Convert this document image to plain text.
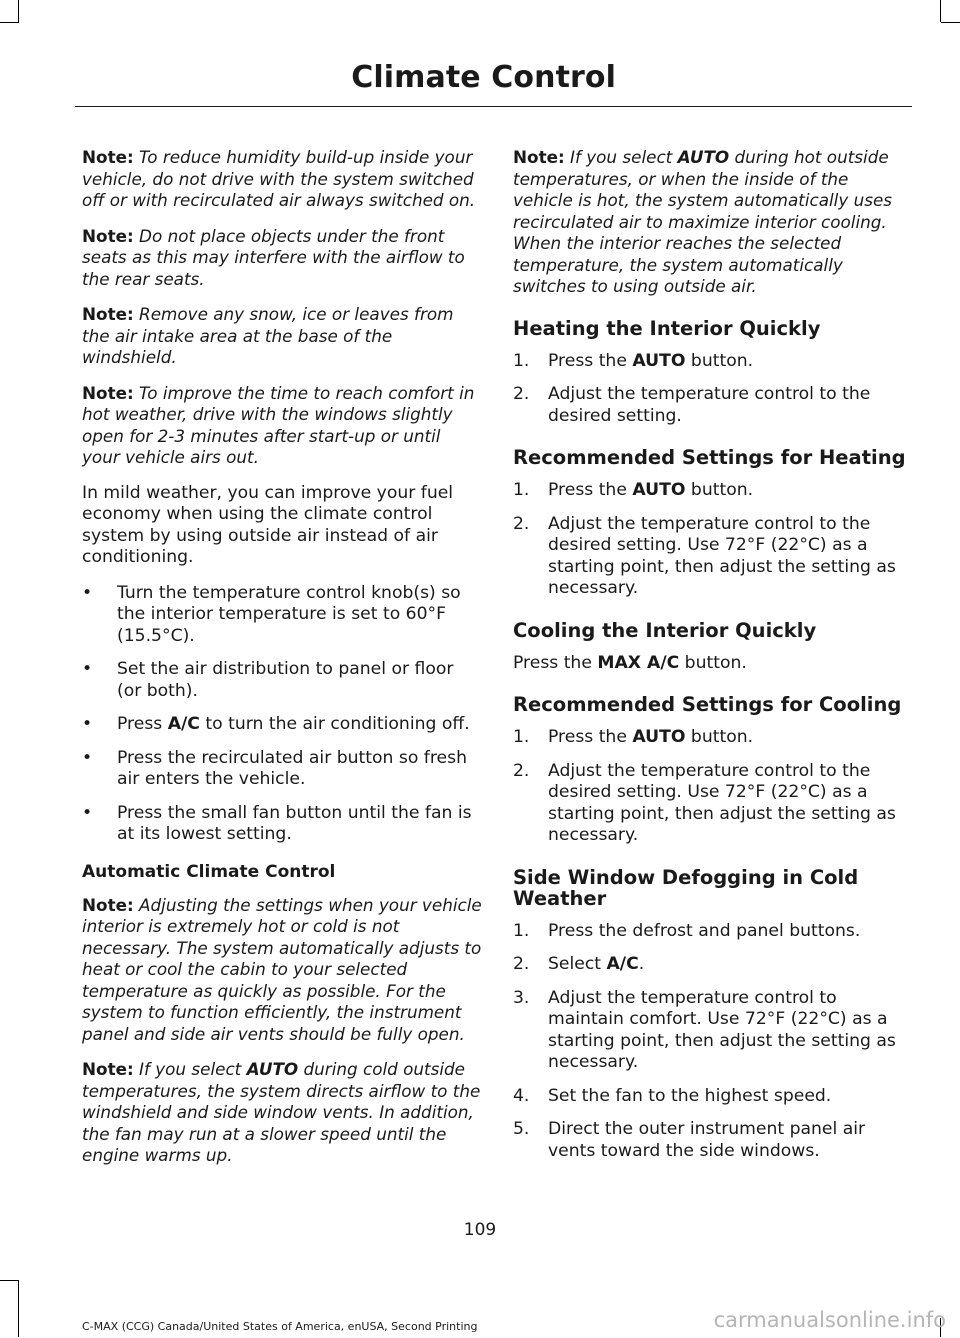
Climate Control

Note: To reduce humidity build-up inside your vehicle, do not drive with the system switched off or with recirculated air always switched on.

Note: Do not place objects under the front seats as this may interfere with the airflow to the rear seats.

Note: Remove any snow, ice or leaves from the air intake area at the base of the windshield.

Note: To improve the time to reach comfort in hot weather, drive with the windows slightly open for 2-3 minutes after start-up or until your vehicle airs out.

In mild weather, you can improve your fuel economy when using the climate control system by using outside air instead of air conditioning.

• Turn the temperature control knob(s) so the interior temperature is set to 60°F (15.5°C).
• Set the air distribution to panel or floor (or both).
• Press A/C to turn the air conditioning off.
• Press the recirculated air button so fresh air enters the vehicle.
• Press the small fan button until the fan is at its lowest setting.
Automatic Climate Control

Note: Adjusting the settings when your vehicle interior is extremely hot or cold is not necessary. The system automatically adjusts to heat or cool the cabin to your selected temperature as quickly as possible. For the system to function efficiently, the instrument panel and side air vents should be fully open.

Note: If you select AUTO during cold outside temperatures, the system directs airflow to the windshield and side window vents. In addition, the fan may run at a slower speed until the engine warms up.

Note: If you select AUTO during hot outside temperatures, or when the inside of the vehicle is hot, the system automatically uses recirculated air to maximize interior cooling. When the interior reaches the selected temperature, the system automatically switches to using outside air.

Heating the Interior Quickly
1. Press the AUTO button.
2. Adjust the temperature control to the desired setting.
Recommended Settings for Heating
1. Press the AUTO button.
2. Adjust the temperature control to the desired setting. Use 72°F (22°C) as a starting point, then adjust the setting as necessary.
Cooling the Interior Quickly

Press the MAX A/C button.

Recommended Settings for Cooling
1. Press the AUTO button.
2. Adjust the temperature control to the desired setting. Use 72°F (22°C) as a starting point, then adjust the setting as necessary.
Side Window Defogging in Cold Weather
1. Press the defrost and panel buttons.
2. Select A/C.
3. Adjust the temperature control to maintain comfort. Use 72°F (22°C) as a starting point, then adjust the setting as necessary.
4. Set the fan to the highest speed.
5. Direct the outer instrument panel air vents toward the side windows.

109

C-MAX (CCG) Canada/United States of America, enUSA, Second Printing	carmanualsonline.info
